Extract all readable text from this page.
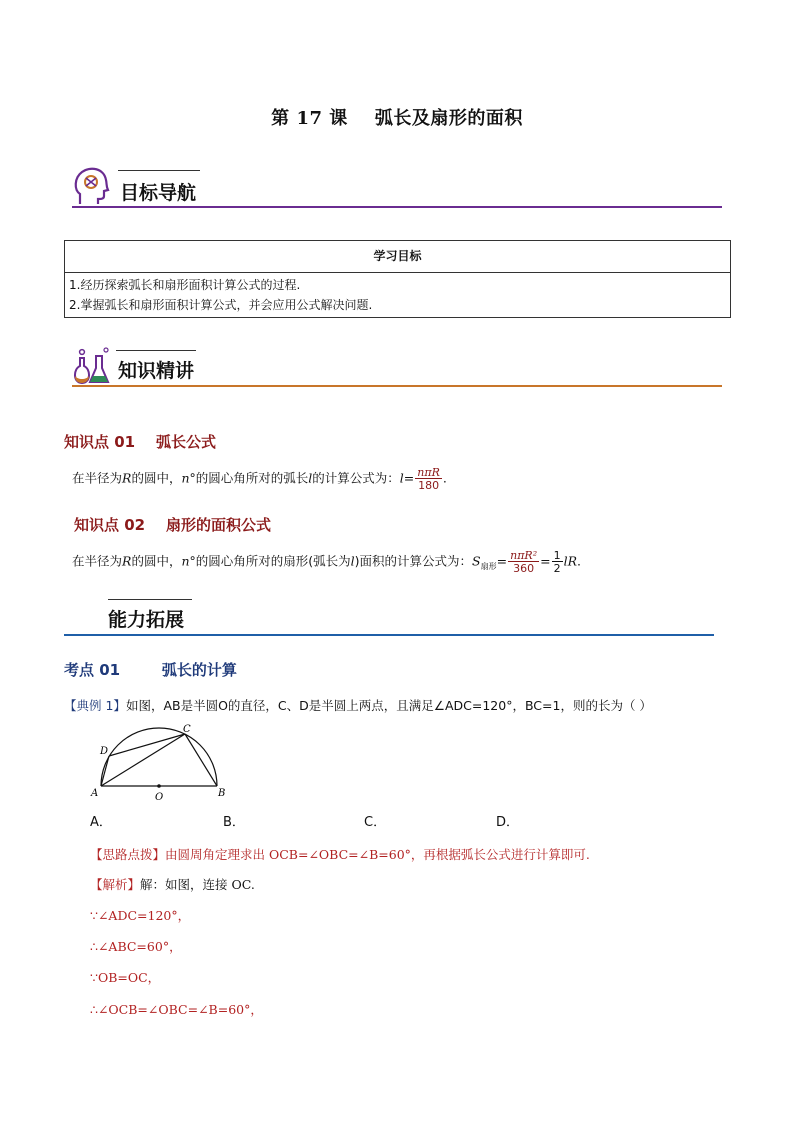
第 17 课    弧长及扇形的面积
目标导航
学习目标
1.经历探索弧长和扇形面积计算公式的过程.
2.掌握弧长和扇形面积计算公式，并会应用公式解决问题.
知识精讲
知识点 01    弧长公式
在半径为R的圆中，n°的圆心角所对的弧长l的计算公式为：$l= \frac{\text{nπR}}{180}$ .
知识点 02    扇形的面积公式
在半径为R的圆中，n°的圆心角所对的扇形(弧长为l)面积的计算公式为：$S_{扇形}= \frac{\text{nπR²}}{360} = \frac{1}{2}$ lR.
能力拓展
考点 01        弧长的计算
【典例 1】如图，AB是半圆O的直径，C、D是半圆上两点，且满足∠ADC=120°，BC=1，则的长为（ ）
A	B
C
D
O
A．	B．	C．	D．
【思路点拨】由圆周角定理求出 OCB=∠OBC=∠B=60°，再根据弧长公式进行计算即可.
【解析】解：如图，连接 OC.
∵∠ADC=120°，
∴∠ABC=60°，
∵OB=OC，
∴∠OCB=∠OBC=∠B=60°，
